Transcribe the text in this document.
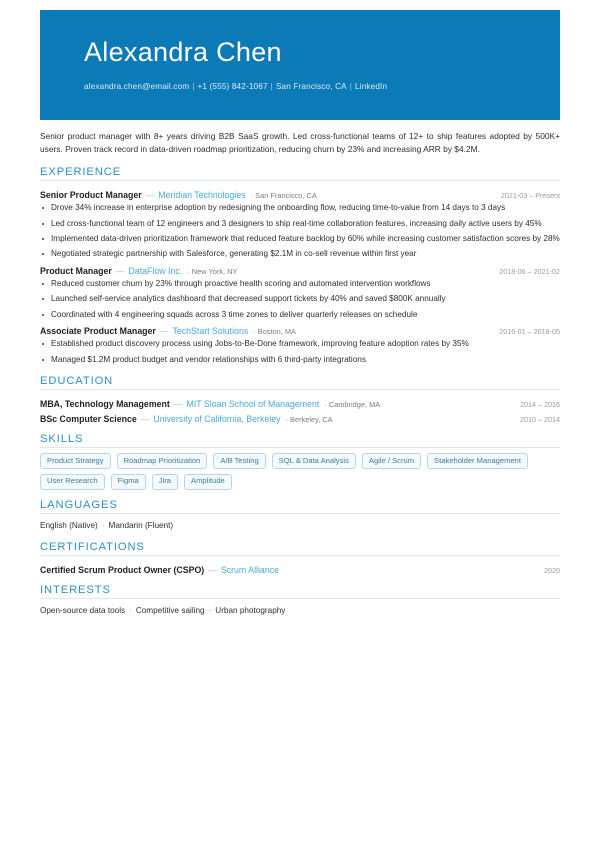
Alexandra Chen
alexandra.chen@email.com | +1 (555) 842-1067 | San Francisco, CA | LinkedIn
Senior product manager with 8+ years driving B2B SaaS growth. Led cross-functional teams of 12+ to ship features adopted by 500K+ users. Proven track record in data-driven roadmap prioritization, reducing churn by 23% and increasing ARR by $4.2M.
EXPERIENCE
Senior Product Manager — Meridian Technologies	· San Francisco, CA	2021-03 – Present
Drove 34% increase in enterprise adoption by redesigning the onboarding flow, reducing time-to-value from 14 days to 3 days
Led cross-functional team of 12 engineers and 3 designers to ship real-time collaboration features, increasing daily active users by 45%
Implemented data-driven prioritization framework that reduced feature backlog by 60% while increasing customer satisfaction scores by 28%
Negotiated strategic partnership with Salesforce, generating $2.1M in co-sell revenue within first year
Product Manager — DataFlow Inc.	· New York, NY	2018-06 – 2021-02
Reduced customer churn by 23% through proactive health scoring and automated intervention workflows
Launched self-service analytics dashboard that decreased support tickets by 40% and saved $800K annually
Coordinated with 4 engineering squads across 3 time zones to deliver quarterly releases on schedule
Associate Product Manager — TechStart Solutions	· Boston, MA	2016-01 – 2018-05
Established product discovery process using Jobs-to-Be-Done framework, improving feature adoption rates by 35%
Managed $1.2M product budget and vendor relationships with 6 third-party integrations
EDUCATION
MBA, Technology Management — MIT Sloan School of Management	· Cambridge, MA	2014 – 2016
BSc Computer Science — University of California, Berkeley	· Berkeley, CA	2010 – 2014
SKILLS
Product Strategy	Roadmap Prioritization	A/B Testing	SQL & Data Analysis	Agile / Scrum	Stakeholder Management
User Research	Figma	Jira	Amplitude
LANGUAGES
English (Native) · Mandarin (Fluent)
CERTIFICATIONS
Certified Scrum Product Owner (CSPO) — Scrum Alliance	2020
INTERESTS
Open-source data tools · Competitive sailing · Urban photography
